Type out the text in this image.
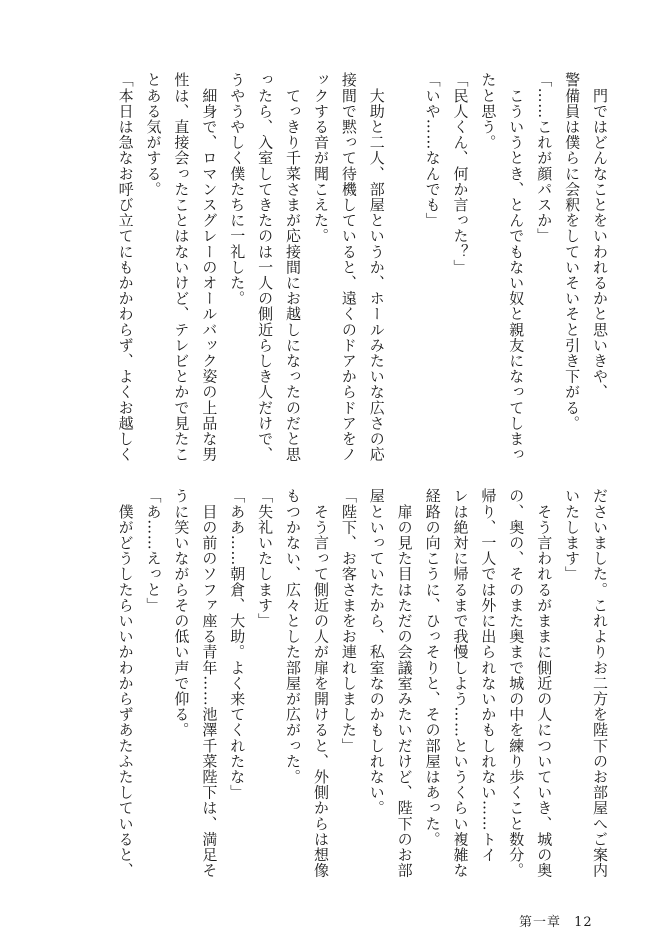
　門ではどんなことをいわれるかと思いきや、
警備員は僕らに会釈をしていそいそと引き下がる。
「……これが顔パスか」
　こういうとき、とんでもない奴と親友になってしまっ
たと思う。
「民人くん、何か言った？」
「いや……なんでも」

　大助と二人、部屋というか、ホールみたいな広さの応
接間で黙って待機していると、遠くのドアからドアをノ
ックする音が聞こえた。
　てっきり千菜さまが応接間にお越しになったのだと思
ったら、入室してきたのは一人の側近らしき人だけで、
うやうやしく僕たちに一礼した。
　細身で、ロマンスグレーのオールバック姿の上品な男
性は、直接会ったことはないけど、テレビとかで見たこ
とある気がする。
「本日は急なお呼び立てにもかかわらず、よくお越しく
ださいました。これよりお二方を陛下のお部屋へご案内
いたします」
　そう言われるがままに側近の人についていき、城の奥
の、奥の、そのまた奥まで城の中を練り歩くこと数分。
帰り、一人では外に出られないかもしれない……トイ
レは絶対に帰るまで我慢しよう……というくらい複雑な
経路の向こうに、ひっそりと、その部屋はあった。
　扉の見た目はただの会議室みたいだけど、陛下のお部
屋といっていたから、私室なのかもしれない。
「陛下、お客さまをお連れしました」
　そう言って側近の人が扉を開けると、外側からは想像
もつかない、広々とした部屋が広がった。
「失礼いたします」
「ああ……朝倉、大助。よく来てくれたな」
　目の前のソファ座る青年……池澤千菜陛下は、満足そ
うに笑いながらその低い声で仰る。
「あ……えっと」
　僕がどうしたらいいかわからずあたふたしていると、
第一章 12
